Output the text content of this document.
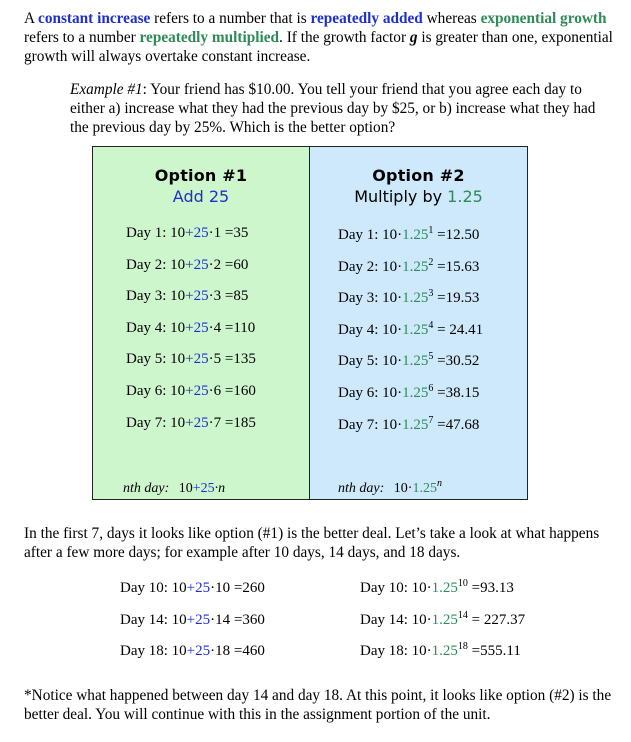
A constant increase refers to a number that is repeatedly added whereas exponential growth refers to a number repeatedly multiplied. If the growth factor g is greater than one, exponential growth will always overtake constant increase.
Example #1: Your friend has $10.00. You tell your friend that you agree each day to either a) increase what they had the previous day by $25, or b) increase what they had the previous day by 25%. Which is the better option?
Option #1
Add 25
Day 1: 10+25·1 =35
Day 2: 10+25·2 =60
Day 3: 10+25·3 =85
Day 4: 10+25·4 =110
Day 5: 10+25·5 =135
Day 6: 10+25·6 =160
Day 7: 10+25·7 =185
nth day: 10+25·n
Option #2
Multiply by 1.25
Day 1: $10\cdot 1.25^1 =12.50$
Day 2: $10\cdot 1.25^2 =15.63$
Day 3: $10\cdot 1.25^3 =19.53$
Day 4: $10\cdot 1.25^4 = 24.41$
Day 5: $10\cdot 1.25^5 =30.52$
Day 6: $10\cdot 1.25^6 =38.15$
Day 7: $10\cdot 1.25^7 =47.68$
nth day: $10\cdot 1.25^n$
In the first 7, days it looks like option (#1) is the better deal. Let’s take a look at what happens after a few more days; for example after 10 days, 14 days, and 18 days.
Day 10: 10+25·10 =260
Day 14: 10+25·14 =360
Day 18: 10+25·18 =460
Day 10: $10\cdot 1.25^{10} =93.13$
Day 14: $10\cdot 1.25^{14} = 227.37$
Day 18: $10\cdot 1.25^{18} =555.11$
*Notice what happened between day 14 and day 18. At this point, it looks like option (#2) is the better deal. You will continue with this in the assignment portion of the unit.
